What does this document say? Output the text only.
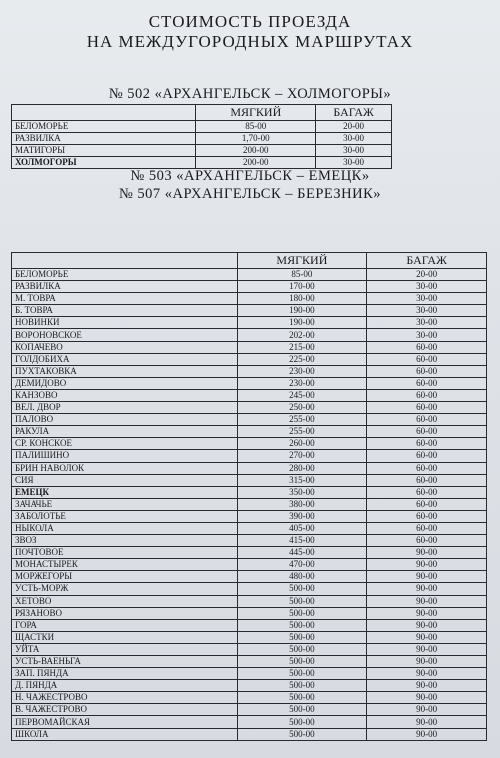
СТОИМОСТЬ ПРОЕЗДА
НА МЕЖДУГОРОДНЫХ МАРШРУТАХ
№ 502 «АРХАНГЕЛЬСК – ХОЛМОГОРЫ»
	МЯГКИЙ	БАГАЖ
БЕЛОМОРЬЕ	85-00	20-00
РАЗВИЛКА	1,70-00	30-00
МАТИГОРЫ	200-00	30-00
ХОЛМОГОРЫ	200-00	30-00
№ 503 «АРХАНГЕЛЬСК – ЕМЕЦК»
№ 507 «АРХАНГЕЛЬСК – БЕРЕЗНИК»
	МЯГКИЙ	БАГАЖ
БЕЛОМОРЬЕ	85-00	20-00
РАЗВИЛКА	170-00	30-00
М. ТОВРА	180-00	30-00
Б. ТОВРА	190-00	30-00
НОВИНКИ	190-00	30-00
ВОРОНОВСКОЕ	202-00	30-00
КОПАЧЕВО	215-00	60-00
ГОЛДОБИХА	225-00	60-00
ПУХТАКОВКА	230-00	60-00
ДЕМИДОВО	230-00	60-00
КАНЗОВО	245-00	60-00
ВЕЛ. ДВОР	250-00	60-00
ПАЛОВО	255-00	60-00
РАКУЛА	255-00	60-00
СР. КОНСКОЕ	260-00	60-00
ПАЛИШИНО	270-00	60-00
БРИН НАВОЛОК	280-00	60-00
СИЯ	315-00	60-00
ЕМЕЦК	350-00	60-00
ЗАЧАЧЬЕ	380-00	60-00
ЗАБОЛОТЬЕ	390-00	60-00
НЫКОЛА	405-00	60-00
ЗВОЗ	415-00	60-00
ПОЧТОВОЕ	445-00	90-00
МОНАСТЫРЕК	470-00	90-00
МОРЖЕГОРЫ	480-00	90-00
УСТЬ-МОРЖ	500-00	90-00
ХЕТОВО	500-00	90-00
РЯЗАНОВО	500-00	90-00
ГОРА	500-00	90-00
ЩАСТКИ	500-00	90-00
УЙТА	500-00	90-00
УСТЬ-ВАЕНЬГА	500-00	90-00
ЗАП. ПЯНДА	500-00	90-00
Д. ПЯНДА	500-00	90-00
Н. ЧАЖЕСТРОВО	500-00	90-00
В. ЧАЖЕСТРОВО	500-00	90-00
ПЕРВОМАЙСКАЯ	500-00	90-00
ШКОЛА	500-00	90-00
